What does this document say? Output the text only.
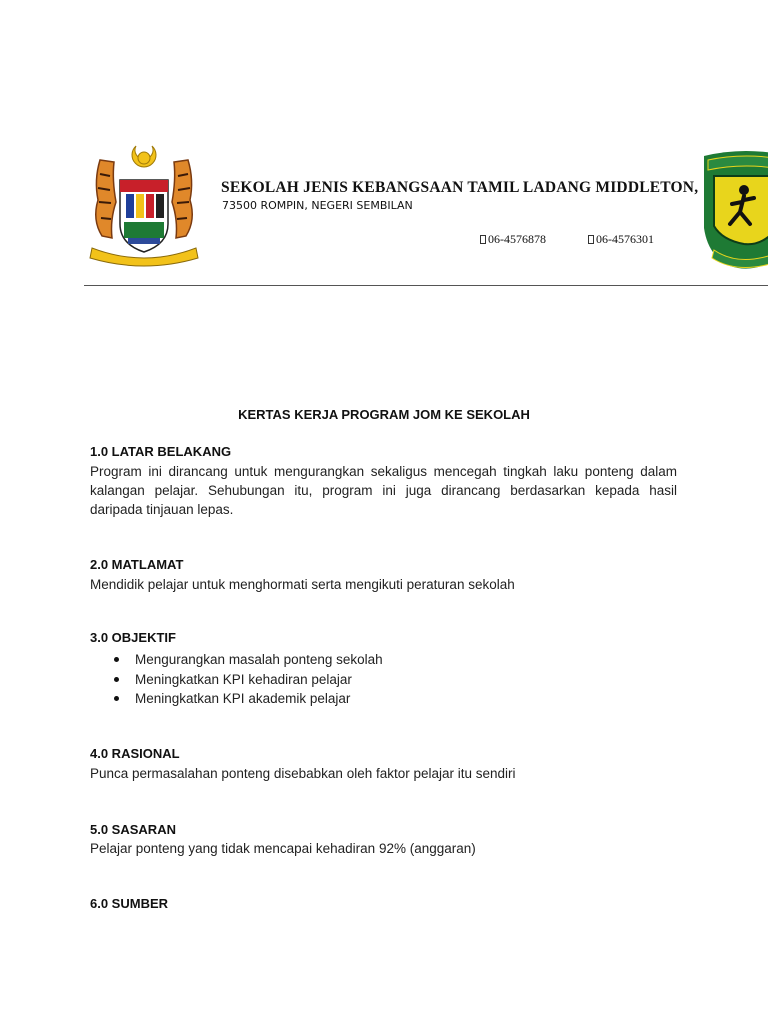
SEKOLAH JENIS KEBANGSAAN TAMIL LADANG MIDDLETON,
73500 ROMPIN, NEGERI SEMBILAN
06-4576878	06-4576301
KERTAS KERJA PROGRAM JOM KE SEKOLAH
1.0 LATAR BELAKANG
Program ini dirancang untuk mengurangkan sekaligus mencegah tingkah laku ponteng dalam
kalangan pelajar. Sehubungan itu, program ini juga dirancang berdasarkan kepada hasil
daripada tinjauan lepas.
2.0 MATLAMAT
Mendidik pelajar untuk menghormati serta mengikuti peraturan sekolah
3.0 OBJEKTIF
Mengurangkan masalah ponteng sekolah
Meningkatkan KPI kehadiran pelajar
Meningkatkan KPI akademik pelajar
4.0 RASIONAL
Punca permasalahan ponteng disebabkan oleh faktor pelajar itu sendiri
5.0 SASARAN
Pelajar ponteng yang tidak mencapai kehadiran 92% (anggaran)
6.0 SUMBER
